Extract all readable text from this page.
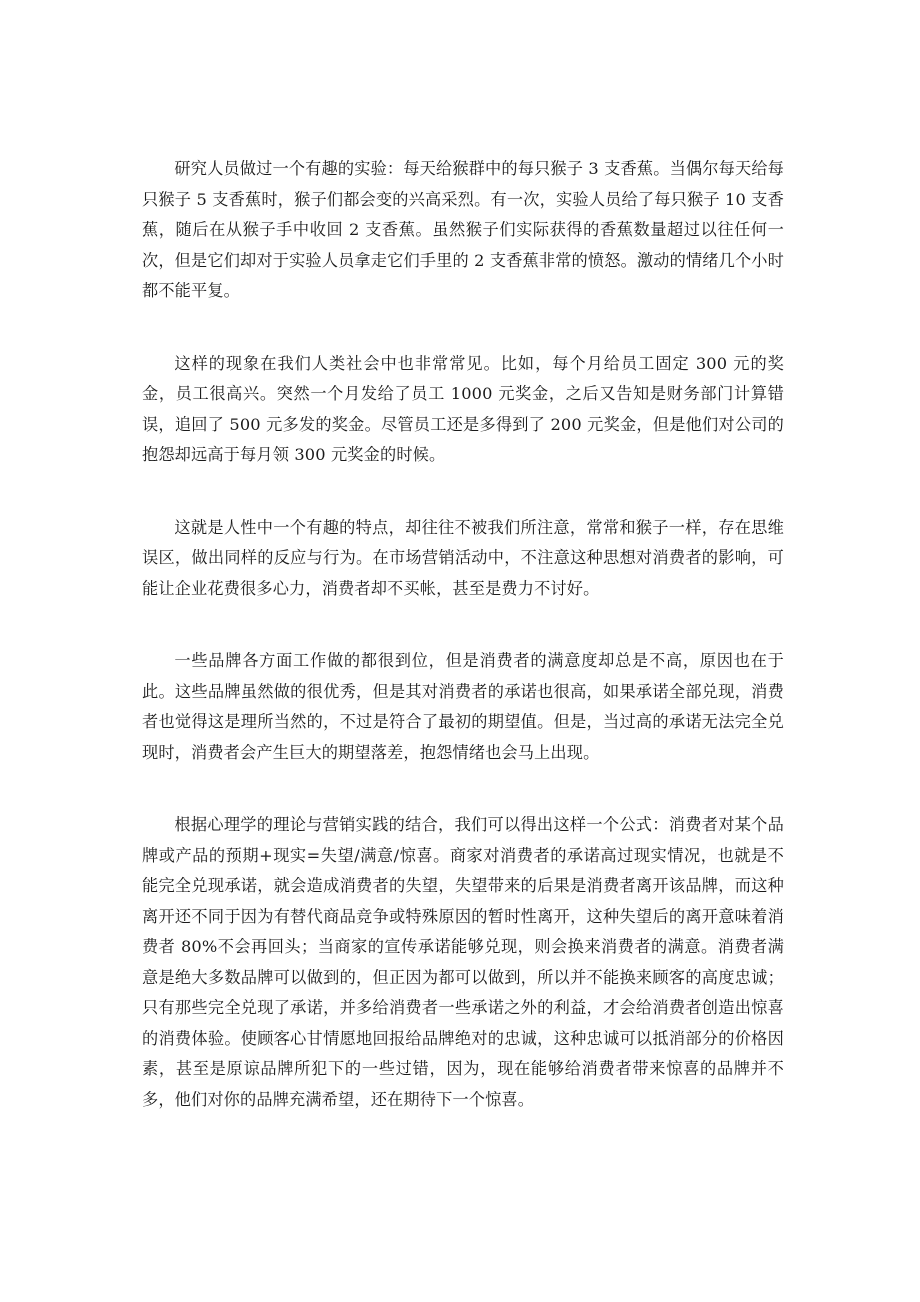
研究人员做过一个有趣的实验：每天给猴群中的每只猴子 3 支香蕉。当偶尔每天给每只猴子 5 支香蕉时，猴子们都会变的兴高采烈。有一次，实验人员给了每只猴子 10 支香蕉，随后在从猴子手中收回 2 支香蕉。虽然猴子们实际获得的香蕉数量超过以往任何一次，但是它们却对于实验人员拿走它们手里的 2 支香蕉非常的愤怒。激动的情绪几个小时都不能平复。

这样的现象在我们人类社会中也非常常见。比如，每个月给员工固定 300 元的奖金，员工很高兴。突然一个月发给了员工 1000 元奖金，之后又告知是财务部门计算错误，追回了 500 元多发的奖金。尽管员工还是多得到了 200 元奖金，但是他们对公司的抱怨却远高于每月领 300 元奖金的时候。

这就是人性中一个有趣的特点，却往往不被我们所注意，常常和猴子一样，存在思维误区，做出同样的反应与行为。在市场营销活动中，不注意这种思想对消费者的影响，可能让企业花费很多心力，消费者却不买帐，甚至是费力不讨好。

一些品牌各方面工作做的都很到位，但是消费者的满意度却总是不高，原因也在于此。这些品牌虽然做的很优秀，但是其对消费者的承诺也很高，如果承诺全部兑现，消费者也觉得这是理所当然的，不过是符合了最初的期望值。但是，当过高的承诺无法完全兑现时，消费者会产生巨大的期望落差，抱怨情绪也会马上出现。

根据心理学的理论与营销实践的结合，我们可以得出这样一个公式：消费者对某个品牌或产品的预期+现实=失望/满意/惊喜。商家对消费者的承诺高过现实情况，也就是不能完全兑现承诺，就会造成消费者的失望，失望带来的后果是消费者离开该品牌，而这种离开还不同于因为有替代商品竞争或特殊原因的暂时性离开，这种失望后的离开意味着消费者 80%不会再回头；当商家的宣传承诺能够兑现，则会换来消费者的满意。消费者满意是绝大多数品牌可以做到的，但正因为都可以做到，所以并不能换来顾客的高度忠诚；只有那些完全兑现了承诺，并多给消费者一些承诺之外的利益，才会给消费者创造出惊喜的消费体验。使顾客心甘情愿地回报给品牌绝对的忠诚，这种忠诚可以抵消部分的价格因素，甚至是原谅品牌所犯下的一些过错，因为，现在能够给消费者带来惊喜的品牌并不多，他们对你的品牌充满希望，还在期待下一个惊喜。
